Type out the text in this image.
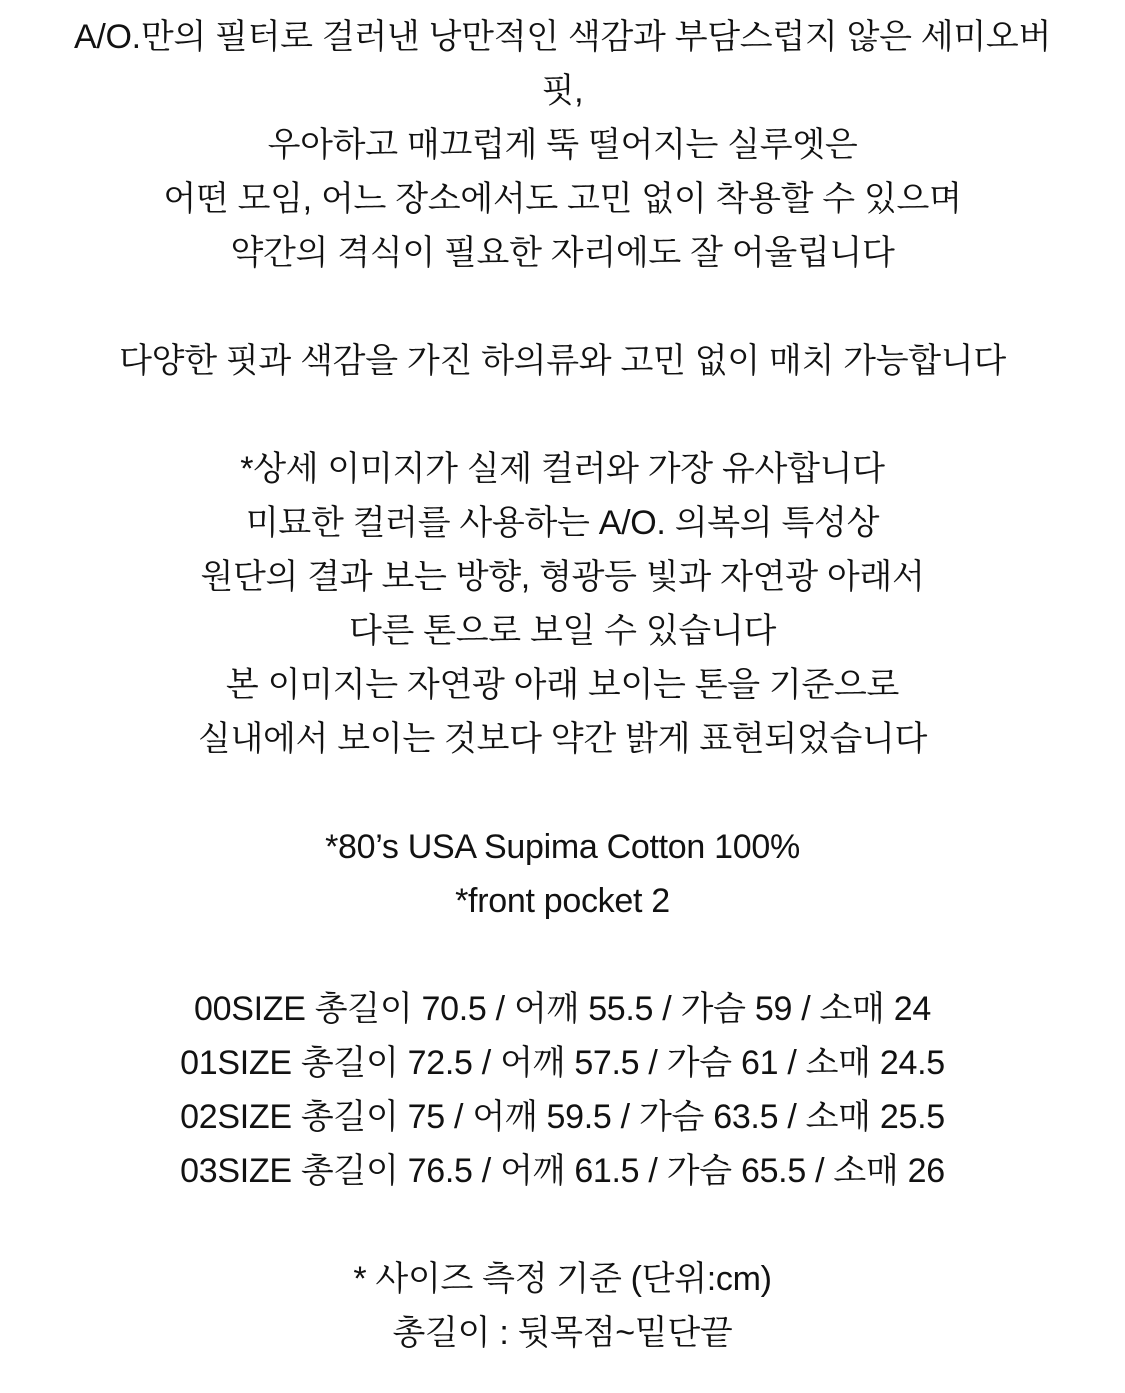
A/O.만의 필터로 걸러낸 낭만적인 색감과 부담스럽지 않은 세미오버
핏,
우아하고 매끄럽게 뚝 떨어지는 실루엣은
어떤 모임, 어느 장소에서도 고민 없이 착용할 수 있으며
약간의 격식이 필요한 자리에도 잘 어울립니다
다양한 핏과 색감을 가진 하의류와 고민 없이 매치 가능합니다
*상세 이미지가 실제 컬러와 가장 유사합니다
미묘한 컬러를 사용하는 A/O. 의복의 특성상
원단의 결과 보는 방향, 형광등 빛과 자연광 아래서
다른 톤으로 보일 수 있습니다
본 이미지는 자연광 아래 보이는 톤을 기준으로
실내에서 보이는 것보다 약간 밝게 표현되었습니다
*80’s USA Supima Cotton 100%
*front pocket 2
00SIZE 총길이 70.5 / 어깨 55.5 / 가슴 59 / 소매 24
01SIZE 총길이 72.5 / 어깨 57.5 / 가슴 61 / 소매 24.5
02SIZE 총길이 75 / 어깨 59.5 / 가슴 63.5 / 소매 25.5
03SIZE 총길이 76.5 / 어깨 61.5 / 가슴 65.5 / 소매 26
* 사이즈 측정 기준 (단위:cm)
총길이 : 뒷목점~밑단끝
